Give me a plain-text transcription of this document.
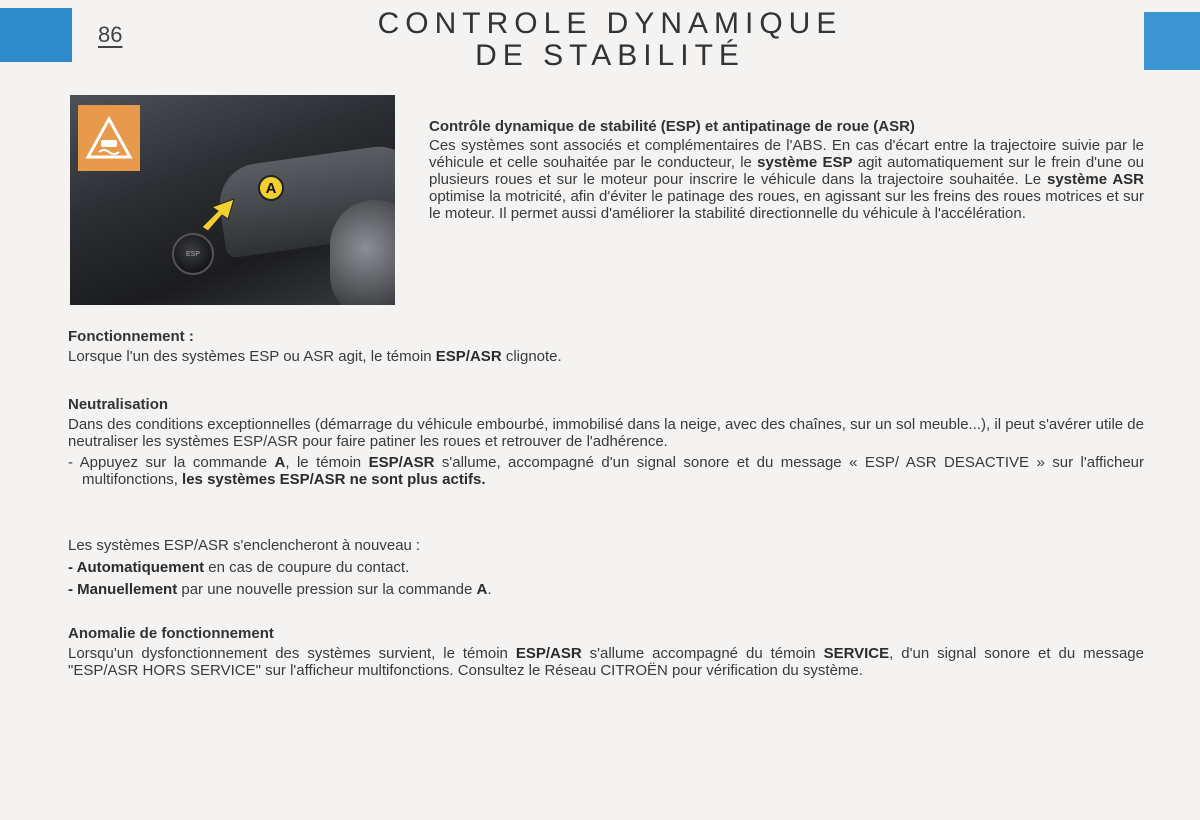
86	CONTROLE DYNAMIQUE
DE STABILITÉ
ESP
A
Contrôle dynamique de stabilité (ESP) et antipatinage de roue (ASR)

Ces systèmes sont associés et complémentaires de l'ABS. En cas d'écart entre la trajectoire suivie par le véhicule et celle souhaitée par le conducteur, le système ESP agit automatiquement sur le frein d'une ou plusieurs roues et sur le moteur pour inscrire le véhicule dans la trajectoire souhaitée. Le système ASR optimise la motricité, afin d'éviter le patinage des roues, en agissant sur les freins des roues motrices et sur le moteur. Il permet aussi d'améliorer la stabilité directionnelle du véhicule à l'accélération.

Fonctionnement :

Lorsque l'un des systèmes ESP ou ASR agit, le témoin ESP/ASR clignote.

Neutralisation

Dans des conditions exceptionnelles (démarrage du véhicule embourbé, immobilisé dans la neige, avec des chaînes, sur un sol meuble...), il peut s'avérer utile de neutraliser les systèmes ESP/ASR pour faire patiner les roues et retrouver de l'adhérence.

- Appuyez sur la commande A, le témoin ESP/ASR s'allume, accompagné d'un signal sonore et du message « ESP/ ASR DESACTIVE » sur l'afficheur multifonctions, les systèmes ESP/ASR ne sont plus actifs.

Les systèmes ESP/ASR s'enclencheront à nouveau :

- Automatiquement en cas de coupure du contact.

- Manuellement par une nouvelle pression sur la commande A.

Anomalie de fonctionnement

Lorsqu'un dysfonctionnement des systèmes survient, le témoin ESP/ASR s'allume accompagné du témoin SERVICE, d'un signal sonore et du message "ESP/ASR HORS SERVICE" sur l'afficheur multifonctions. Consultez le Réseau CITROËN pour vérification du système.
